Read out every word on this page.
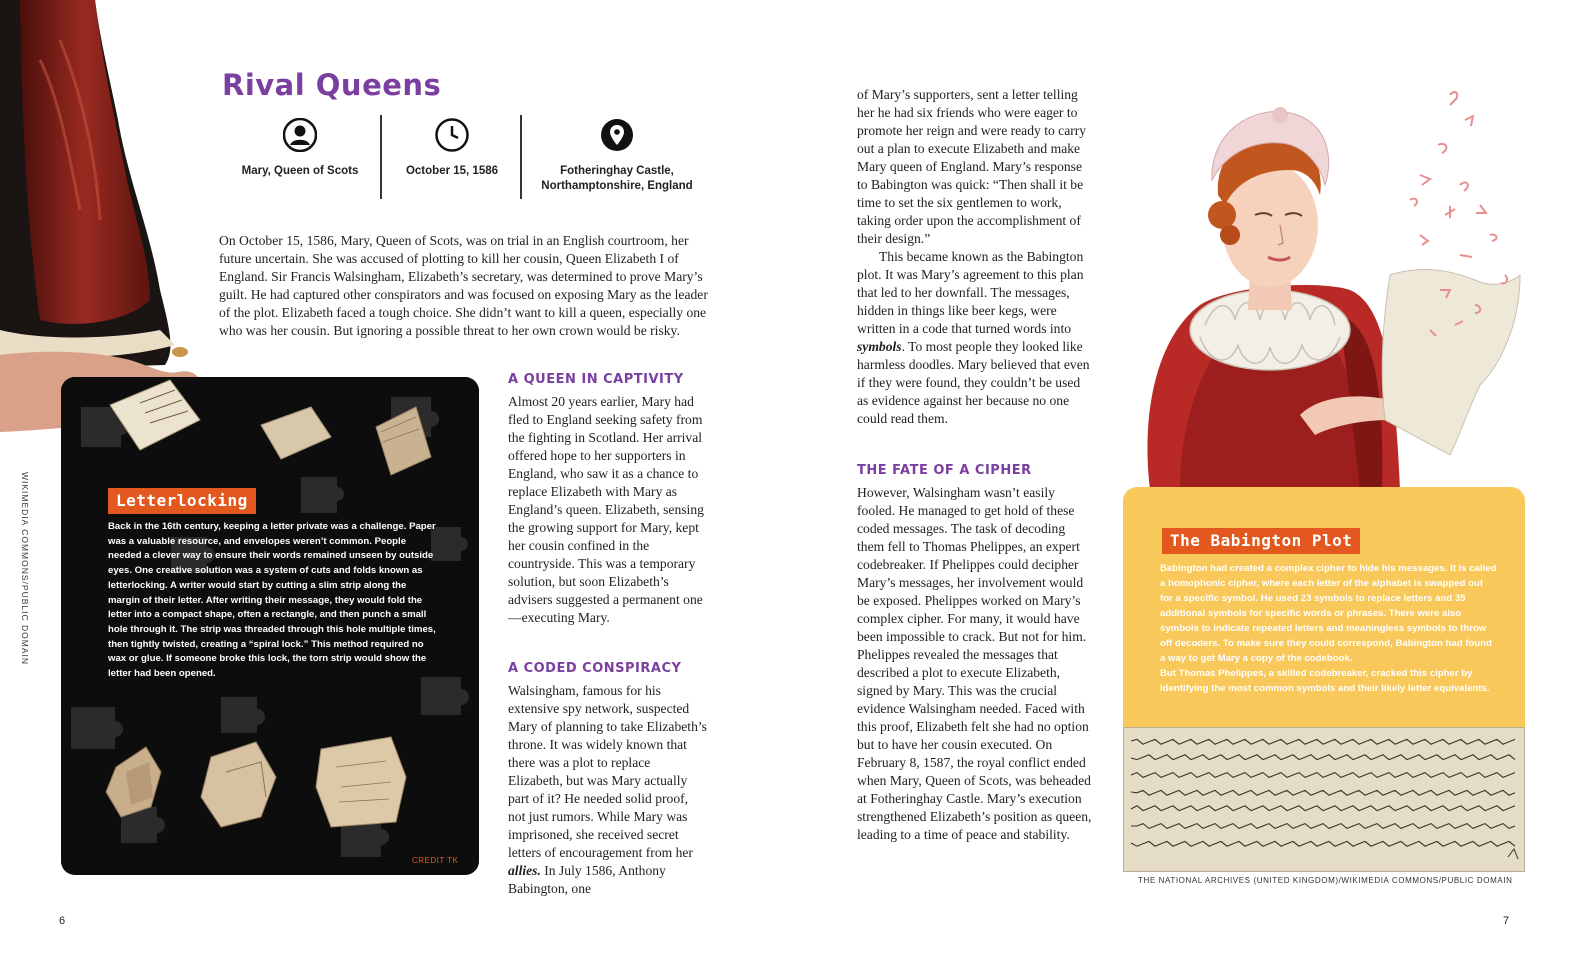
Rival Queens
Mary, Queen of Scots	October 15, 1586	Fotheringhay Castle,
Northamptonshire, England
On October 15, 1586, Mary, Queen of Scots, was on trial in an English courtroom, her future uncertain. She was accused of plotting to kill her cousin, Queen Elizabeth I of England. Sir Francis Walsingham, Elizabeth’s secretary, was determined to prove Mary’s guilt. He had captured other conspirators and was focused on exposing Mary as the leader of the plot. Elizabeth faced a tough choice. She didn’t want to kill a queen, especially one who was her cousin. But ignoring a possible threat to her own crown would be risky.
Letterlocking
Back in the 16th century, keeping a letter private was a challenge. Paper was a valuable resource, and envelopes weren’t common. People needed a clever way to ensure their words remained unseen by outside eyes. One creative solution was a system of cuts and folds known as letterlocking. A writer would start by cutting a slim strip along the margin of their letter. After writing their message, they would fold the letter into a compact shape, often a rectangle, and then punch a small hole through it. The strip was threaded through this hole multiple times, then tightly twisted, creating a “spiral lock.” This method required no wax or glue. If someone broke this lock, the torn strip would show the letter had been opened.
CREDIT TK
WIKIMEDIA COMMONS/PUBLIC DOMAIN
A QUEEN IN CAPTIVITY
Almost 20 years earlier, Mary had fled to England seeking safety from the fighting in Scotland. Her arrival offered hope to her supporters in England, who saw it as a chance to replace Elizabeth with Mary as England’s queen. Elizabeth, sensing the growing support for Mary, kept her cousin confined in the countryside. This was a temporary solution, but soon Elizabeth’s advisers suggested a permanent one—executing Mary.
A CODED CONSPIRACY
Walsingham, famous for his extensive spy network, suspected Mary of planning to take Elizabeth’s throne. It was widely known that there was a plot to replace Elizabeth, but was Mary actually part of it? He needed solid proof, not just rumors. While Mary was imprisoned, she received secret letters of encouragement from her allies. In July 1586, Anthony Babington, one

of Mary’s supporters, sent a letter telling her he had six friends who were eager to promote her reign and were ready to carry out a plan to execute Elizabeth and make Mary queen of England. Mary’s response to Babington was quick: “Then shall it be time to set the six gentlemen to work, taking order upon the accomplishment of their design.”

This became known as the Babington plot. It was Mary’s agreement to this plan that led to her downfall. The messages, hidden in things like beer kegs, were written in a code that turned words into symbols. To most people they looked like harmless doodles. Mary believed that even if they were found, they couldn’t be used as evidence against her because no one could read them.

THE FATE OF A CIPHER
However, Walsingham wasn’t easily fooled. He managed to get hold of these coded messages. The task of decoding them fell to Thomas Phelippes, an expert codebreaker. If Phelippes could decipher Mary’s messages, her involvement would be exposed. Phelippes worked on Mary’s complex cipher. For many, it would have been impossible to crack. But not for him. Phelippes revealed the messages that described a plot to execute Elizabeth, signed by Mary. This was the crucial evidence Walsingham needed. Faced with this proof, Elizabeth felt she had no option but to have her cousin executed. On February 8, 1587, the royal conflict ended when Mary, Queen of Scots, was beheaded at Fotheringhay Castle. Mary’s execution strengthened Elizabeth’s position as queen, leading to a time of peace and stability.
The Babington Plot
Babington had created a complex cipher to hide his messages. It is called a homophonic cipher, where each letter of the alphabet is swapped out for a specific symbol. He used 23 symbols to replace letters and 35 additional symbols for specific words or phrases. There were also symbols to indicate repeated letters and meaningless symbols to throw off decoders. To make sure they could correspond, Babington had found a way to get Mary a copy of the codebook.
But Thomas Phelippes, a skilled codebreaker, cracked this cipher by identifying the most common symbols and their likely letter equivalents.
THE NATIONAL ARCHIVES (UNITED KINGDOM)/WIKIMEDIA COMMONS/PUBLIC DOMAIN
6	7
